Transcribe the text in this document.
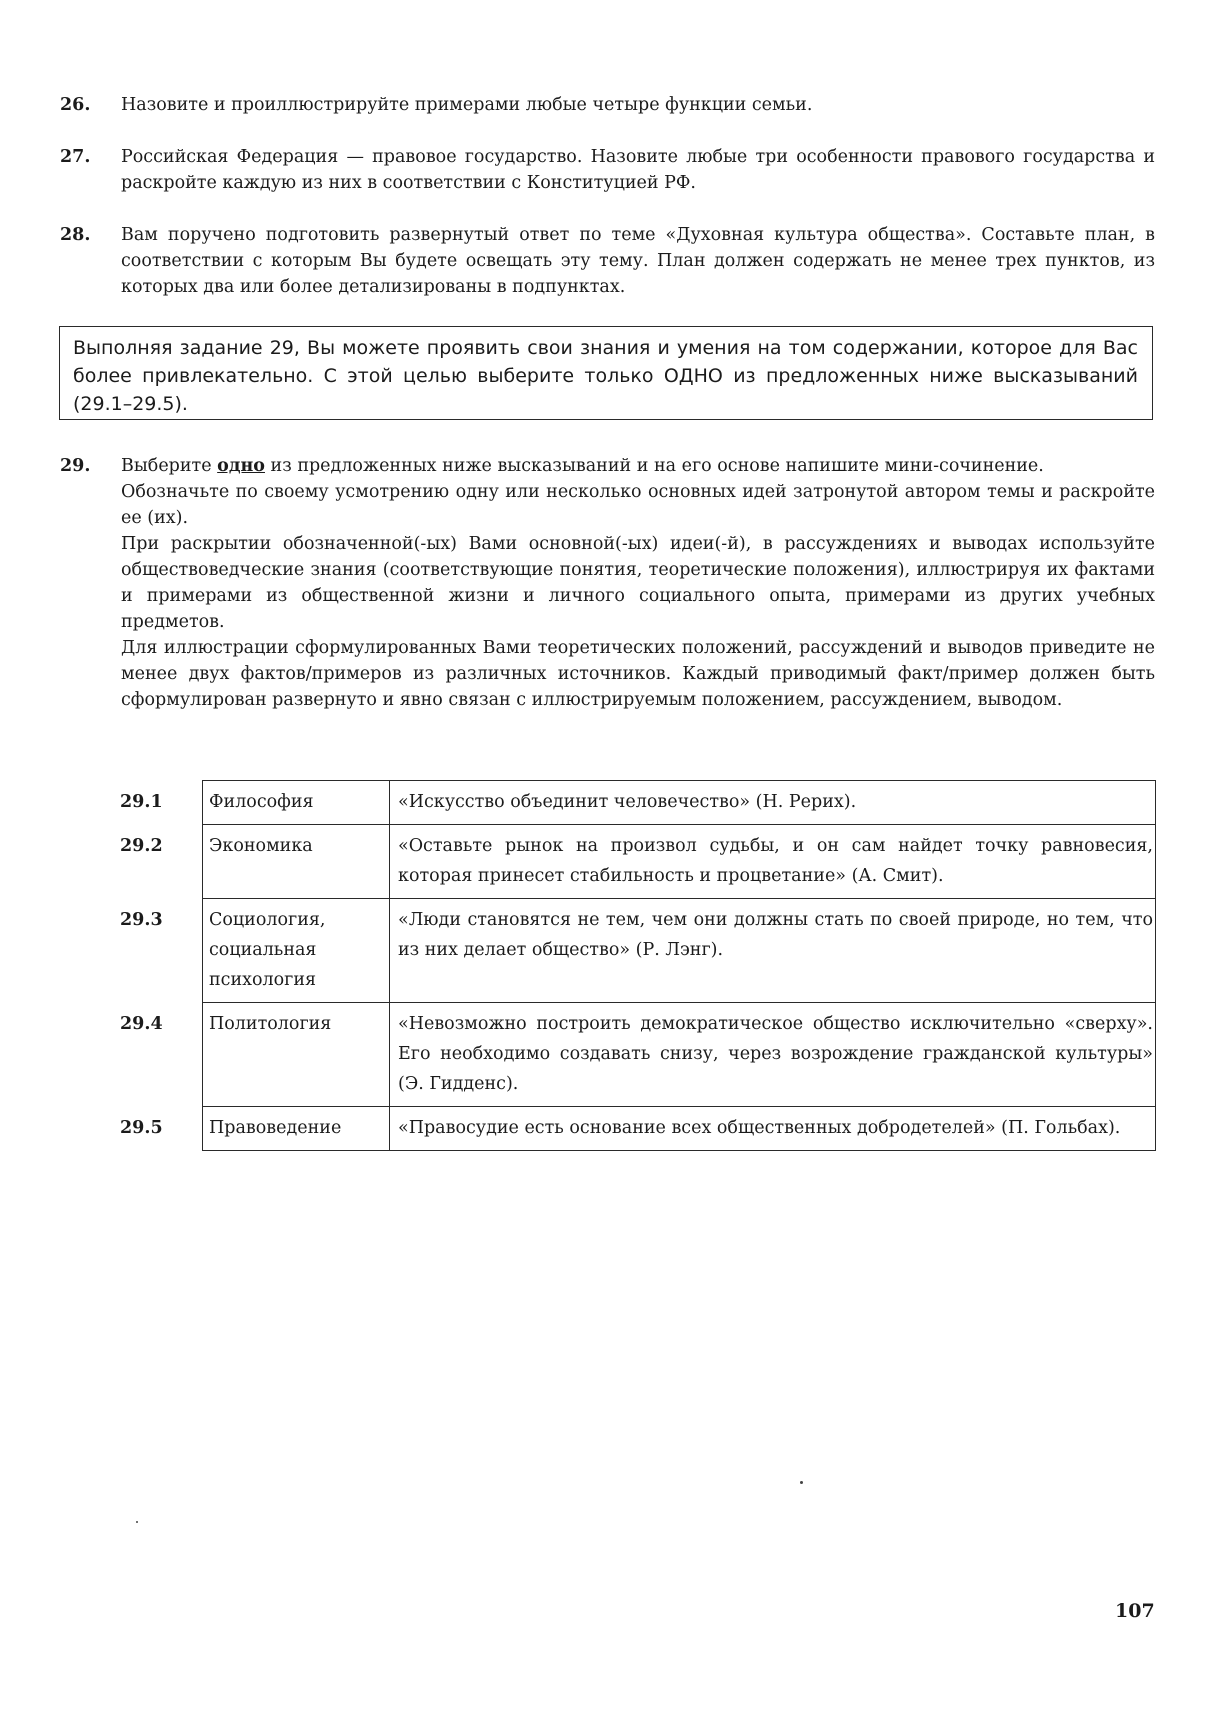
26.	Назовите и проиллюстрируйте примерами любые четыре функции семьи.

27.	Российская Федерация — правовое государство. Назовите любые три особенности правового государства и раскройте каждую из них в соответствии с Конституцией РФ.

28.	Вам поручено подготовить развернутый ответ по теме «Духовная культура общества». Составьте план, в соответствии с которым Вы будете освещать эту тему. План должен содержать не менее трех пунктов, из которых два или более детализированы в подпунктах.

Выполняя задание 29, Вы можете проявить свои знания и умения на том содержании, которое для Вас более привлекательно. С этой целью выберите только ОДНО из предложенных ниже высказываний (29.1–29.5).
29.	Выберите одно из предложенных ниже высказываний и на его основе напишите мини-сочинение.

Обозначьте по своему усмотрению одну или несколько основных идей затронутой автором темы и раскройте ее (их).

При раскрытии обозначенной(-ых) Вами основной(-ых) идеи(-й), в рассуждениях и выводах используйте обществоведческие знания (соответствующие понятия, теоретические положения), иллюстрируя их фактами и примерами из общественной жизни и личного социального опыта, примерами из других учебных предметов.

Для иллюстрации сформулированных Вами теоретических положений, рассуждений и выводов приведите не менее двух фактов/примеров из различных источников. Каждый приводимый факт/пример должен быть сформулирован развернуто и явно связан с иллюстрируемым положением, рассуждением, выводом.

29.1	Философия	«Искусство объединит человечество» (Н. Рерих).
29.2	Экономика	«Оставьте рынок на произвол судьбы, и он сам найдет точку равновесия, которая принесет стабильность и процветание» (А. Смит).
29.3	Социология, социальная психология	«Люди становятся не тем, чем они должны стать по своей природе, но тем, что из них делает общество» (Р. Лэнг).
29.4	Политология	«Невозможно построить демократическое общество исключительно «сверху». Его необходимо создавать снизу, через возрождение гражданской культуры» (Э. Гидденс).
29.5	Правоведение	«Правосудие есть основание всех общественных добродетелей» (П. Гольбах).
107
